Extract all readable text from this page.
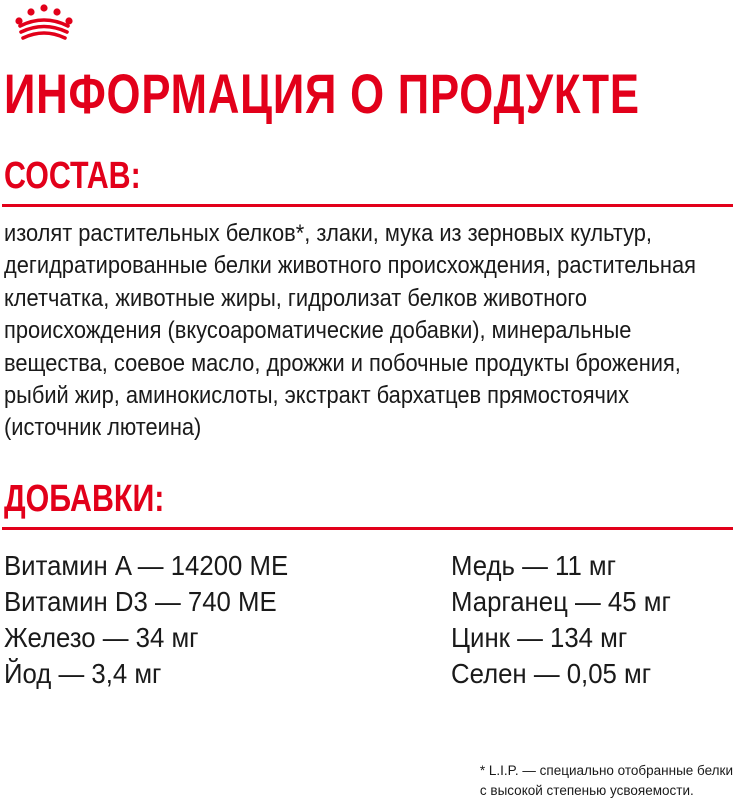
ИНФОРМАЦИЯ О ПРОДУКТЕ
СОСТАВ:

изолят растительных белков*, злаки, мука из зерновых культур, дегидратированные белки животного происхождения, растительная клетчатка, животные жиры, гидролизат белков животного происхождения (вкусоароматические добавки), минеральные вещества, соевое масло, дрожжи и побочные продукты брожения, рыбий жир, аминокислоты, экстракт бархатцев прямостоячих (источник лютеина)

ДОБАВКИ:
Витамин A — 14200 МЕ
Витамин D3 — 740 МЕ
Железо — 34 мг
Йод — 3,4 мг
Медь — 11 мг
Марганец — 45 мг
Цинк — 134 мг
Селен — 0,05 мг

* L.I.P. — специально отобранные белки
с высокой степенью усвояемости.
